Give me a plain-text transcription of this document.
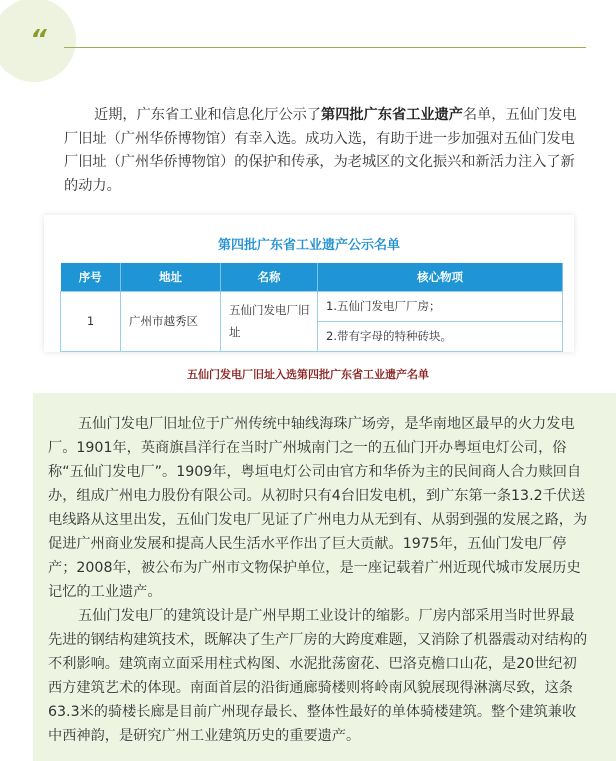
“

近期，广东省工业和信息化厅公示了第四批广东省工业遗产名单，五仙门发电厂旧址（广州华侨博物馆）有幸入选。成功入选，有助于进一步加强对五仙门发电厂旧址（广州华侨博物馆）的保护和传承，为老城区的文化振兴和新活力注入了新的动力。

第四批广东省工业遗产公示名单
序号	地址	名称	核心物项
1	广州市越秀区	五仙门发电厂旧址	1.五仙门发电厂厂房；
			2.带有字母的特种砖块。
五仙门发电厂旧址入选第四批广东省工业遗产名单

五仙门发电厂旧址位于广州传统中轴线海珠广场旁，是华南地区最早的火力发电厂。1901年，英商旗昌洋行在当时广州城南门之一的五仙门开办粤垣电灯公司，俗称“五仙门发电厂”。1909年，粤垣电灯公司由官方和华侨为主的民间商人合力赎回自办，组成广州电力股份有限公司。从初时只有4台旧发电机，到广东第一条13.2千伏送电线路从这里出发，五仙门发电厂见证了广州电力从无到有、从弱到强的发展之路，为促进广州商业发展和提高人民生活水平作出了巨大贡献。1975年，五仙门发电厂停产；2008年，被公布为广州市文物保护单位，是一座记载着广州近现代城市发展历史记忆的工业遗产。

五仙门发电厂的建筑设计是广州早期工业设计的缩影。厂房内部采用当时世界最先进的钢结构建筑技术，既解决了生产厂房的大跨度难题，又消除了机器震动对结构的不利影响。建筑南立面采用柱式构图、水泥批荡窗花、巴洛克檐口山花，是20世纪初西方建筑艺术的体现。南面首层的沿街通廊骑楼则将岭南风貌展现得淋漓尽致，这条63.3米的骑楼长廊是目前广州现存最长、整体性最好的单体骑楼建筑。整个建筑兼收中西神韵，是研究广州工业建筑历史的重要遗产。
